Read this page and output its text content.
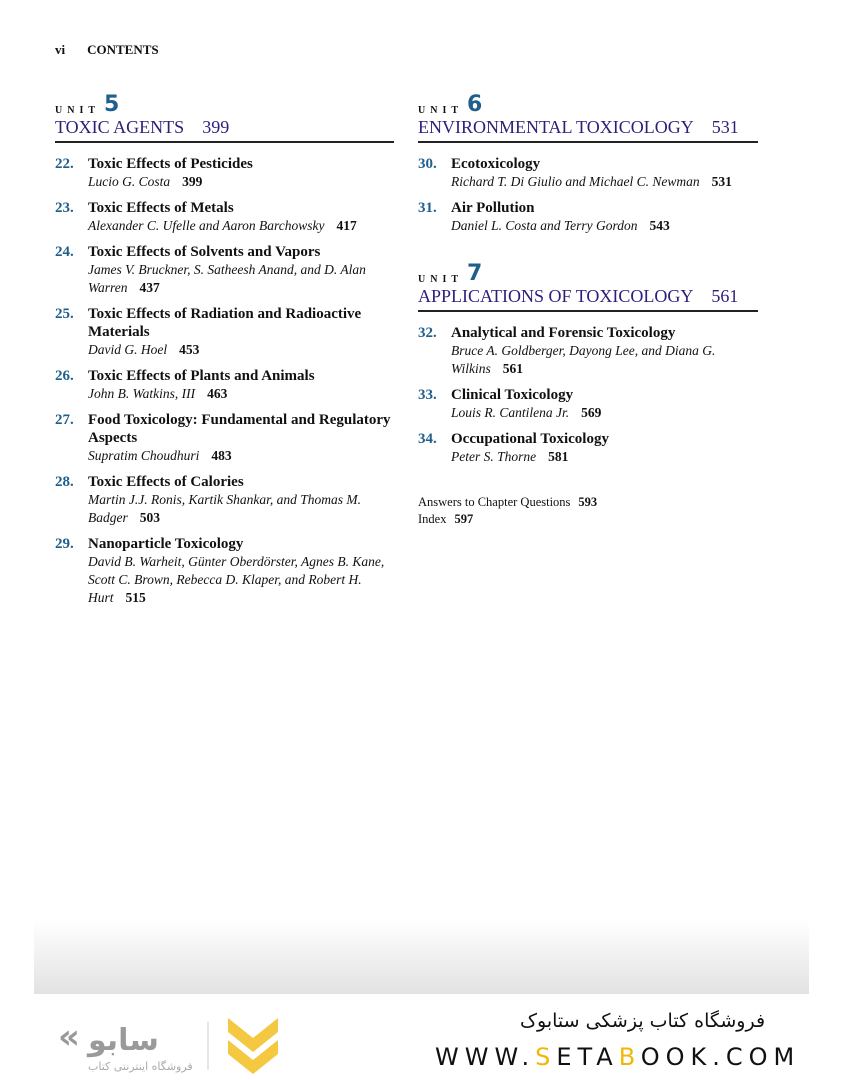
vi CONTENTS
UNIT 5
TOXIC AGENTS 399
22. Toxic Effects of Pesticides
Lucio G. Costa 399
23. Toxic Effects of Metals
Alexander C. Ufelle and Aaron Barchowsky 417
24. Toxic Effects of Solvents and Vapors
James V. Bruckner, S. Satheesh Anand, and D. Alan Warren 437
25. Toxic Effects of Radiation and Radioactive Materials
David G. Hoel 453
26. Toxic Effects of Plants and Animals
John B. Watkins, III 463
27. Food Toxicology: Fundamental and Regulatory Aspects
Supratim Choudhuri 483
28. Toxic Effects of Calories
Martin J.J. Ronis, Kartik Shankar, and Thomas M. Badger 503
29. Nanoparticle Toxicology
David B. Warheit, Günter Oberdörster, Agnes B. Kane, Scott C. Brown, Rebecca D. Klaper, and Robert H. Hurt 515
UNIT 6
ENVIRONMENTAL TOXICOLOGY 531
30. Ecotoxicology
Richard T. Di Giulio and Michael C. Newman 531
31. Air Pollution
Daniel L. Costa and Terry Gordon 543
UNIT 7
APPLICATIONS OF TOXICOLOGY 561
32. Analytical and Forensic Toxicology
Bruce A. Goldberger, Dayong Lee, and Diana G. Wilkins 561
33. Clinical Toxicology
Louis R. Cantilena Jr. 569
34. Occupational Toxicology
Peter S. Thorne 581
Answers to Chapter Questions 593
Index 597
« سابو
فروشگاه اینترنتی کتاب
فروشگاه کتاب پزشکی ستابوک
WWW.SETABOOK.COM
